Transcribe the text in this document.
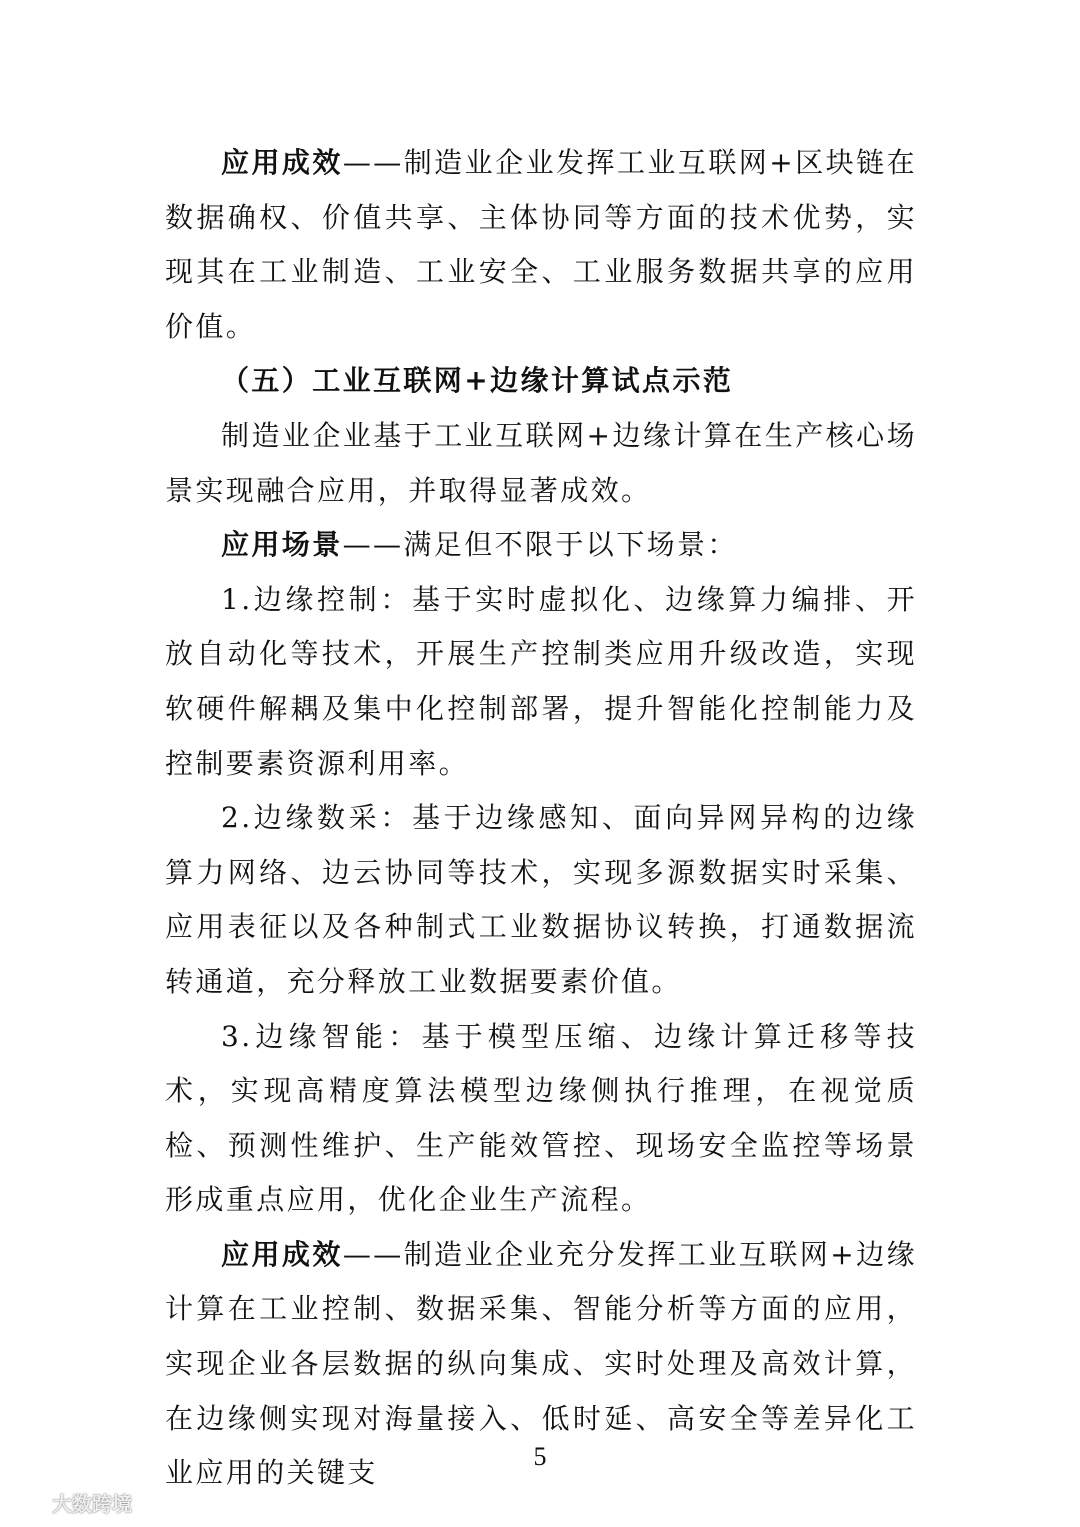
应用成效——制造业企业发挥工业互联网+区块链在数据确权、价值共享、主体协同等方面的技术优势，实现其在工业制造、工业安全、工业服务数据共享的应用价值。

（五）工业互联网+边缘计算试点示范

制造业企业基于工业互联网+边缘计算在生产核心场景实现融合应用，并取得显著成效。

应用场景——满足但不限于以下场景：

1.边缘控制：基于实时虚拟化、边缘算力编排、开放自动化等技术，开展生产控制类应用升级改造，实现软硬件解耦及集中化控制部署，提升智能化控制能力及控制要素资源利用率。

2.边缘数采：基于边缘感知、面向异网异构的边缘算力网络、边云协同等技术，实现多源数据实时采集、应用表征以及各种制式工业数据协议转换，打通数据流转通道，充分释放工业数据要素价值。

3.边缘智能：基于模型压缩、边缘计算迁移等技术，实现高精度算法模型边缘侧执行推理，在视觉质检、预测性维护、生产能效管控、现场安全监控等场景形成重点应用，优化企业生产流程。

应用成效——制造业企业充分发挥工业互联网+边缘计算在工业控制、数据采集、智能分析等方面的应用，实现企业各层数据的纵向集成、实时处理及高效计算，在边缘侧实现对海量接入、低时延、高安全等差异化工业应用的关键支	5
大数跨境
